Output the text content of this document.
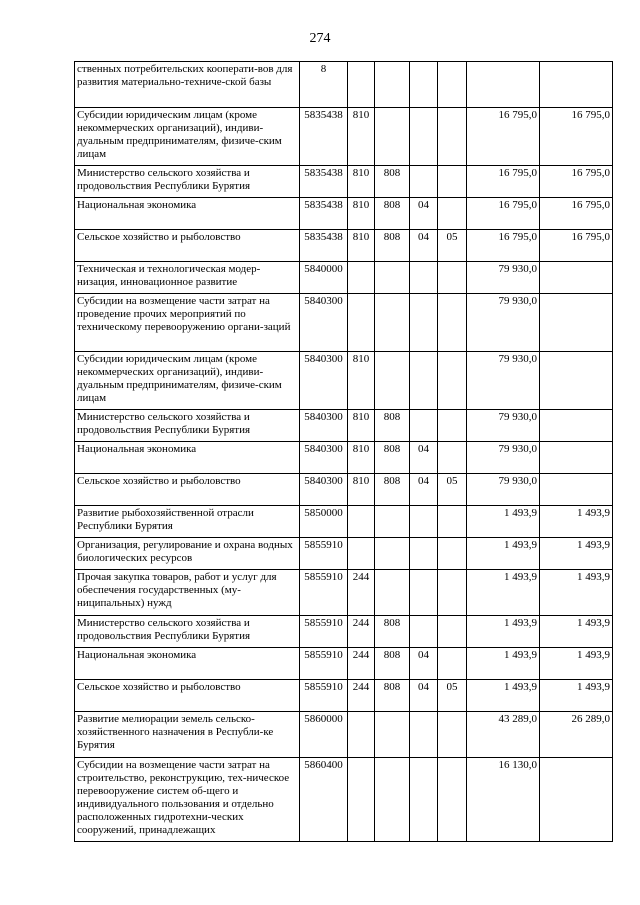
274
ственных потребительских кооперати-вов для развития материально-техниче-ской базы	8						
Субсидии юридическим лицам (кроме некоммерческих организаций), индиви-дуальным предпринимателям, физиче-ским лицам	5835438	810				16 795,0	16 795,0
Министерство сельского хозяйства и продовольствия Республики Бурятия	5835438	810	808			16 795,0	16 795,0
Национальная экономика	5835438	810	808	04		16 795,0	16 795,0
Сельское хозяйство и рыболовство	5835438	810	808	04	05	16 795,0	16 795,0
Техническая и технологическая модер-низация, инновационное развитие	5840000					79 930,0	
Субсидии на возмещение части затрат на проведение прочих мероприятий по техническому перевооружению органи-заций	5840300					79 930,0	
Субсидии юридическим лицам (кроме некоммерческих организаций), индиви-дуальным предпринимателям, физиче-ским лицам	5840300	810				79 930,0	
Министерство сельского хозяйства и продовольствия Республики Бурятия	5840300	810	808			79 930,0	
Национальная экономика	5840300	810	808	04		79 930,0	
Сельское хозяйство и рыболовство	5840300	810	808	04	05	79 930,0	
Развитие рыбохозяйственной отрасли Республики Бурятия	5850000					1 493,9	1 493,9
Организация, регулирование и охрана водных биологических ресурсов	5855910					1 493,9	1 493,9
Прочая закупка товаров, работ и услуг для обеспечения государственных (му-ниципальных) нужд	5855910	244				1 493,9	1 493,9
Министерство сельского хозяйства и продовольствия Республики Бурятия	5855910	244	808			1 493,9	1 493,9
Национальная экономика	5855910	244	808	04		1 493,9	1 493,9
Сельское хозяйство и рыболовство	5855910	244	808	04	05	1 493,9	1 493,9
Развитие мелиорации земель сельско-хозяйственного назначения в Республи-ке Бурятия	5860000					43 289,0	26 289,0
Субсидии на возмещение части затрат на строительство, реконструкцию, тех-ническое перевооружение систем об-щего и индивидуального пользования и отдельно расположенных гидротехни-ческих сооружений, принадлежащих	5860400					16 130,0	
